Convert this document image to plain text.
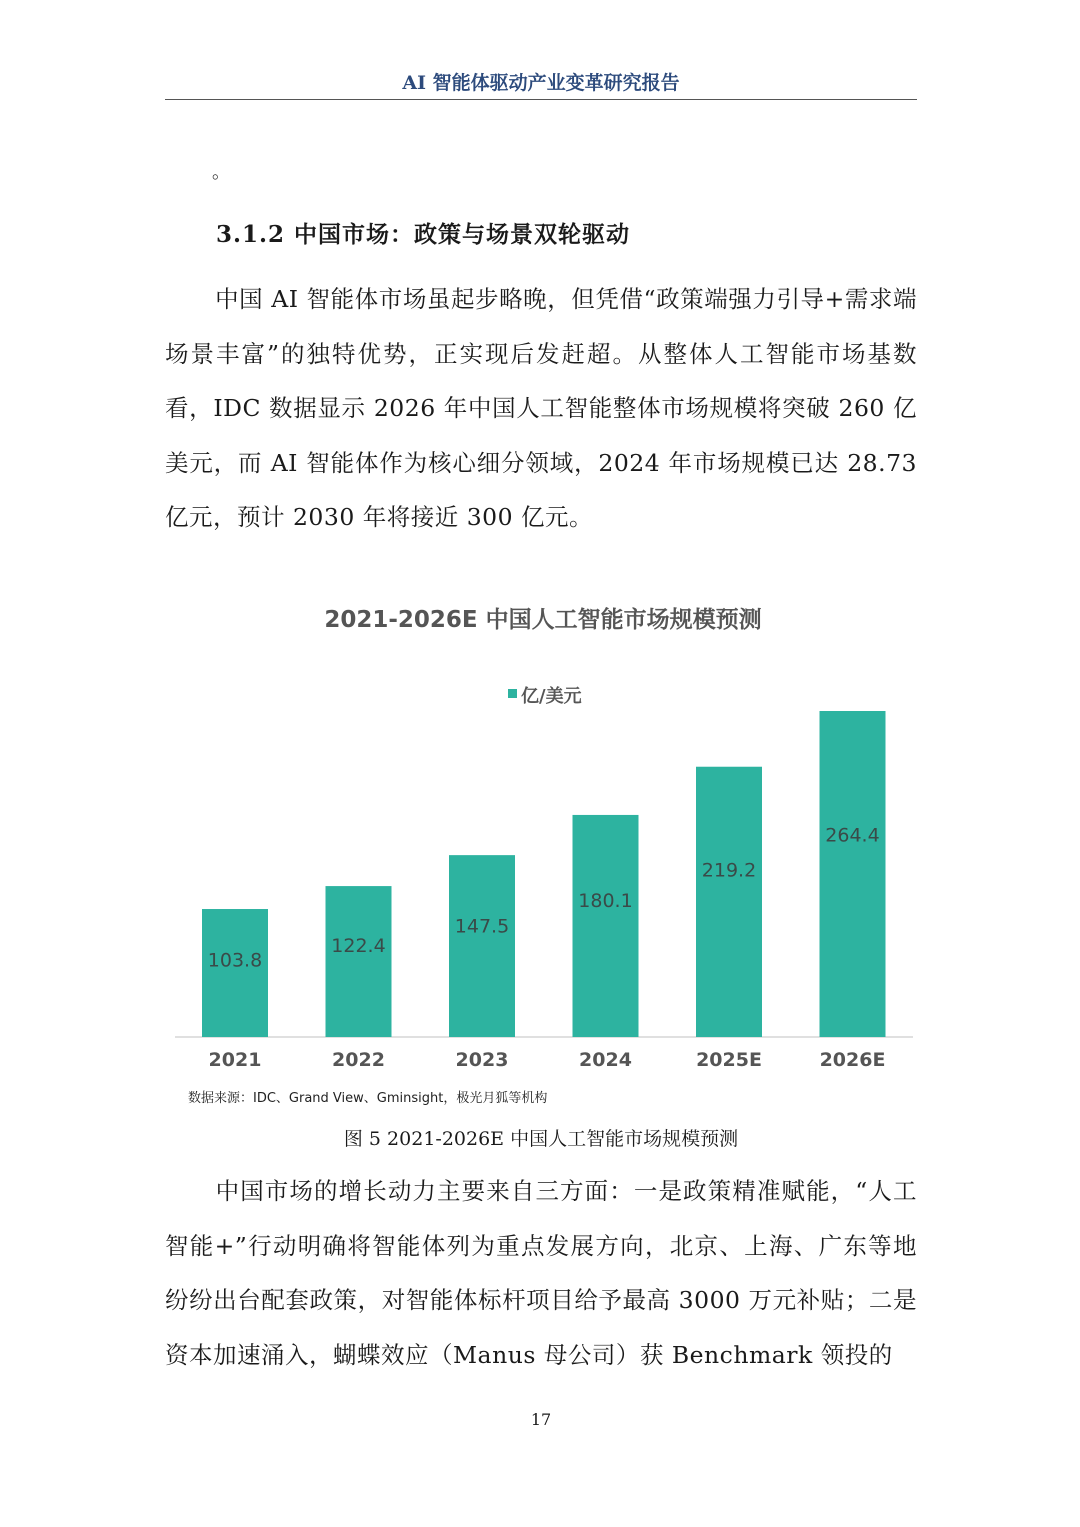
AI 智能体驱动产业变革研究报告
。
3.1.2 中国市场：政策与场景双轮驱动
中国 AI 智能体市场虽起步略晚，但凭借“政策端强力引导+需求端场景丰富”的独特优势，正实现后发赶超。从整体人工智能市场基数看，IDC 数据显示 2026 年中国人工智能整体市场规模将突破 260 亿美元，而 AI 智能体作为核心细分领域，2024 年市场规模已达 28.73 亿元，预计 2030 年将接近 300 亿元。
2021-2026E 中国人工智能市场规模预测
亿/美元
103.8
2021
122.4
2022
147.5
2023
180.1
2024
219.2
2025E
264.4
2026E
数据来源：IDC、Grand View、Gminsight，极光月狐等机构
图 5 2021-2026E 中国人工智能市场规模预测
中国市场的增长动力主要来自三方面：一是政策精准赋能，“人工智能+”行动明确将智能体列为重点发展方向，北京、上海、广东等地纷纷出台配套政策，对智能体标杆项目给予最高 3000 万元补贴；二是资本加速涌入，蝴蝶效应（Manus 母公司）获 Benchmark 领投的
17
